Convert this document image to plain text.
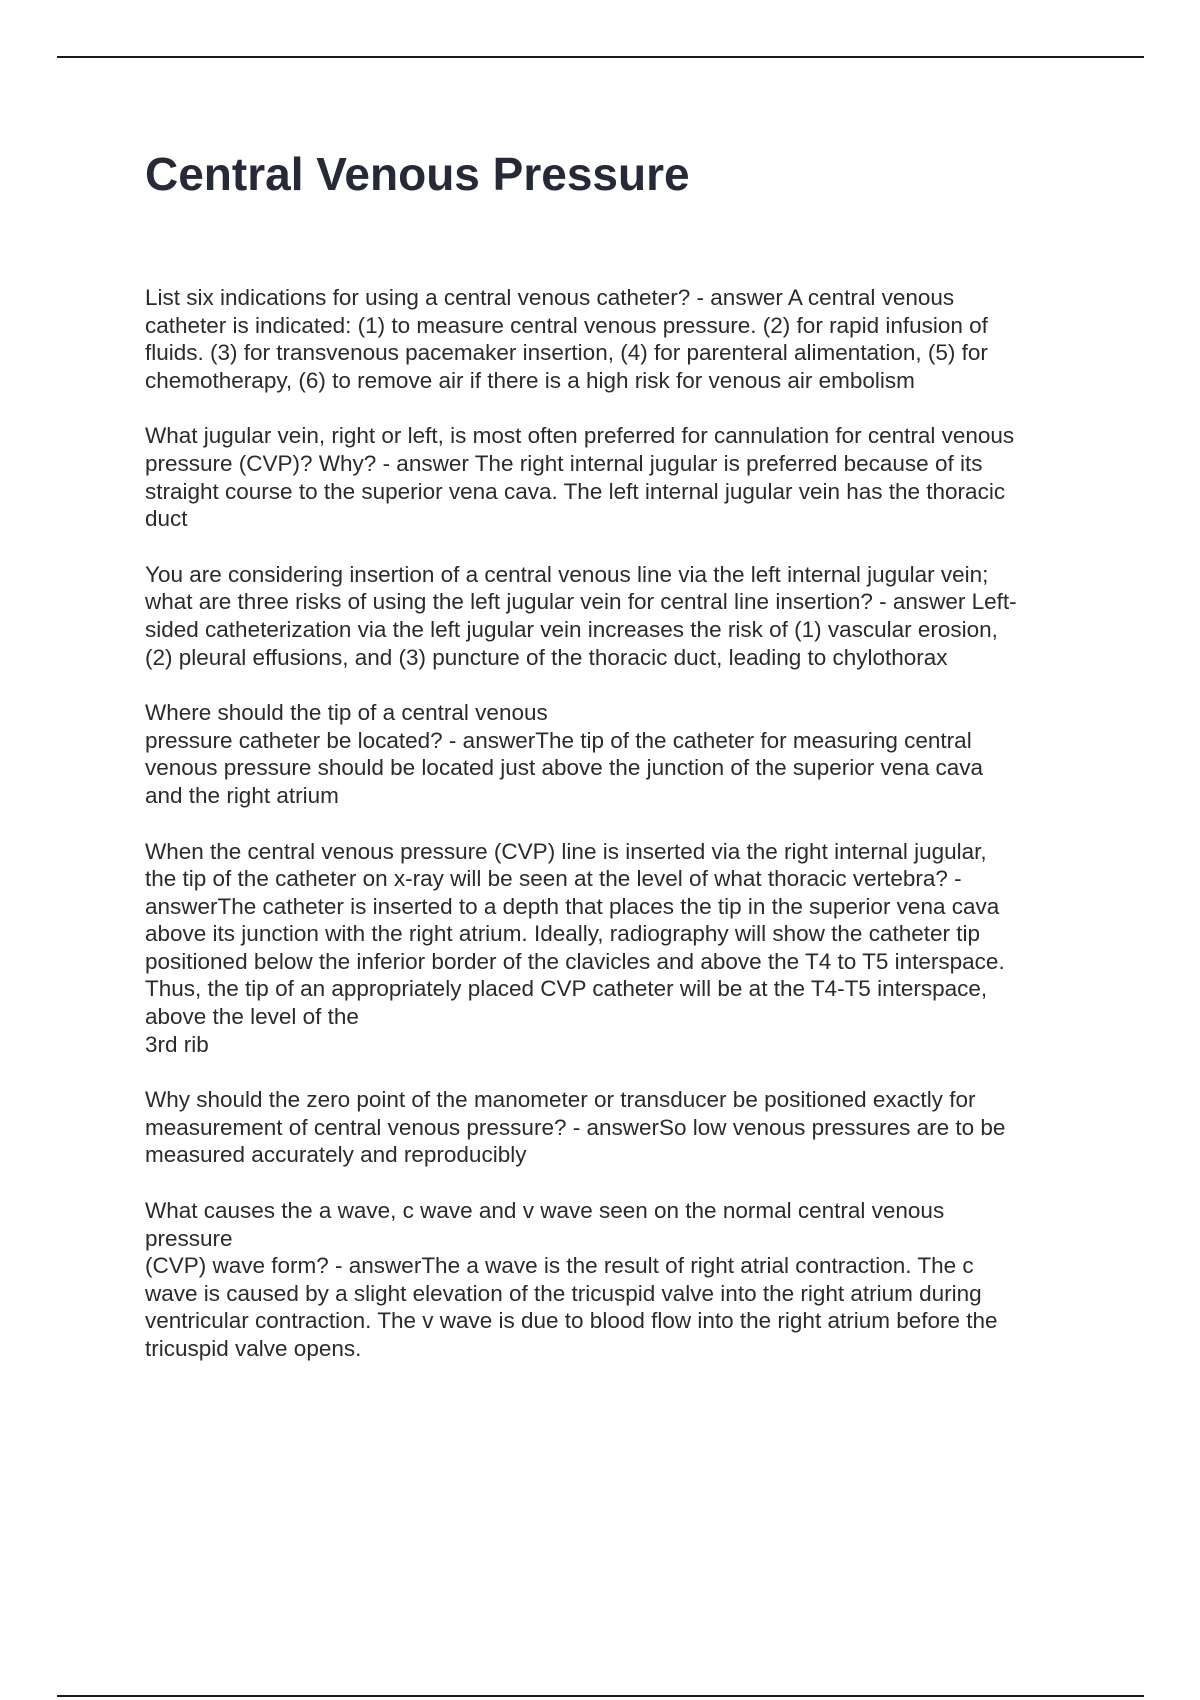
Central Venous Pressure

List six indications for using a central venous catheter? - answer A central venous
catheter is indicated: (1) to measure central venous pressure. (2) for rapid infusion of
fluids. (3) for transvenous pacemaker insertion, (4) for parenteral alimentation, (5) for
chemotherapy, (6) to remove air if there is a high risk for venous air embolism

What jugular vein, right or left, is most often preferred for cannulation for central venous
pressure (CVP)? Why? - answer The right internal jugular is preferred because of its
straight course to the superior vena cava. The left internal jugular vein has the thoracic
duct

You are considering insertion of a central venous line via the left internal jugular vein;
what are three risks of using the left jugular vein for central line insertion? - answer Left-
sided catheterization via the left jugular vein increases the risk of (1) vascular erosion,
(2) pleural effusions, and (3) puncture of the thoracic duct, leading to chylothorax

Where should the tip of a central venous
pressure catheter be located? - answerThe tip of the catheter for measuring central
venous pressure should be located just above the junction of the superior vena cava
and the right atrium

When the central venous pressure (CVP) line is inserted via the right internal jugular,
the tip of the catheter on x-ray will be seen at the level of what thoracic vertebra? -
answerThe catheter is inserted to a depth that places the tip in the superior vena cava
above its junction with the right atrium. Ideally, radiography will show the catheter tip
positioned below the inferior border of the clavicles and above the T4 to T5 interspace.
Thus, the tip of an appropriately placed CVP catheter will be at the T4-T5 interspace,
above the level of the
3rd rib

Why should the zero point of the manometer or transducer be positioned exactly for
measurement of central venous pressure? - answerSo low venous pressures are to be
measured accurately and reproducibly

What causes the a wave, c wave and v wave seen on the normal central venous
pressure
(CVP) wave form? - answerThe a wave is the result of right atrial contraction. The c
wave is caused by a slight elevation of the tricuspid valve into the right atrium during
ventricular contraction. The v wave is due to blood flow into the right atrium before the
tricuspid valve opens.
